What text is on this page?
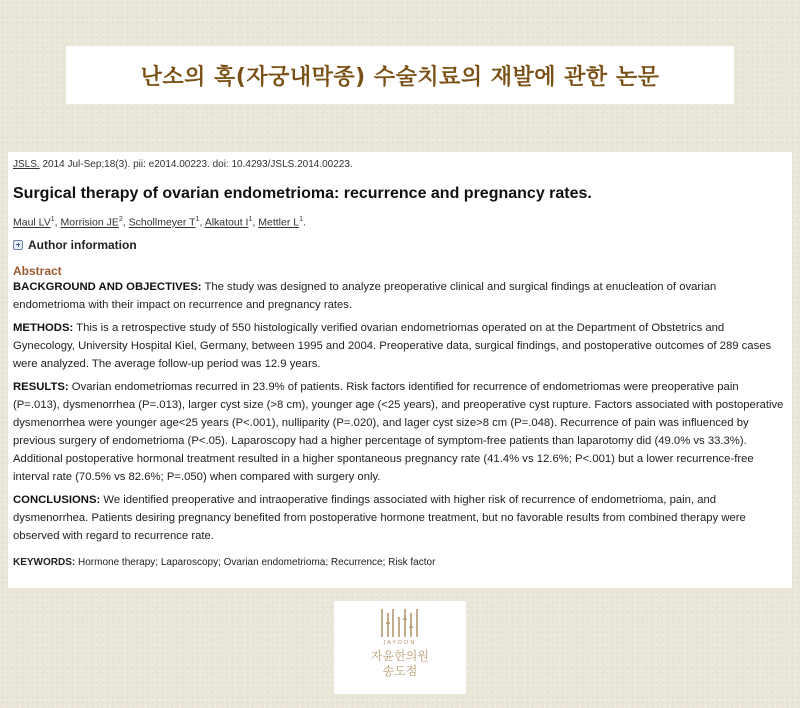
난소의 혹(자궁내막종) 수술치료의 재발에 관한 논문
JSLS. 2014 Jul-Sep;18(3). pii: e2014.00223. doi: 10.4293/JSLS.2014.00223.
Surgical therapy of ovarian endometrioma: recurrence and pregnancy rates.
Maul $LV^1$, Morrision $JE^2$, Schollmeyer $T^1$, Alkatout $I^1$, Mettler $L^1$.
Author information
Abstract

BACKGROUND AND OBJECTIVES: The study was designed to analyze preoperative clinical and surgical findings at enucleation of ovarian endometrioma with their impact on recurrence and pregnancy rates.

METHODS: This is a retrospective study of 550 histologically verified ovarian endometriomas operated on at the Department of Obstetrics and Gynecology, University Hospital Kiel, Germany, between 1995 and 2004. Preoperative data, surgical findings, and postoperative outcomes of 289 cases were analyzed. The average follow-up period was 12.9 years.

RESULTS: Ovarian endometriomas recurred in 23.9% of patients. Risk factors identified for recurrence of endometriomas were preoperative pain (P=.013), dysmenorrhea (P=.013), larger cyst size (>8 cm), younger age (<25 years), and preoperative cyst rupture. Factors associated with postoperative dysmenorrhea were younger age<25 years (P<.001), nulliparity (P=.020), and lager cyst size>8 cm (P=.048). Recurrence of pain was influenced by previous surgery of endometrioma (P<.05). Laparoscopy had a higher percentage of symptom-free patients than laparotomy did (49.0% vs 33.3%). Additional postoperative hormonal treatment resulted in a higher spontaneous pregnancy rate (41.4% vs 12.6%; P<.001) but a lower recurrence-free interval rate (70.5% vs 82.6%; P=.050) when compared with surgery only.

CONCLUSIONS: We identified preoperative and intraoperative findings associated with higher risk of recurrence of endometrioma, pain, and dysmenorrhea. Patients desiring pregnancy benefited from postoperative hormone treatment, but no favorable results from combined therapy were observed with regard to recurrence rate.

KEYWORDS: Hormone therapy; Laparoscopy; Ovarian endometrioma; Recurrence; Risk factor
JAYOON
자윤한의원
송도점
